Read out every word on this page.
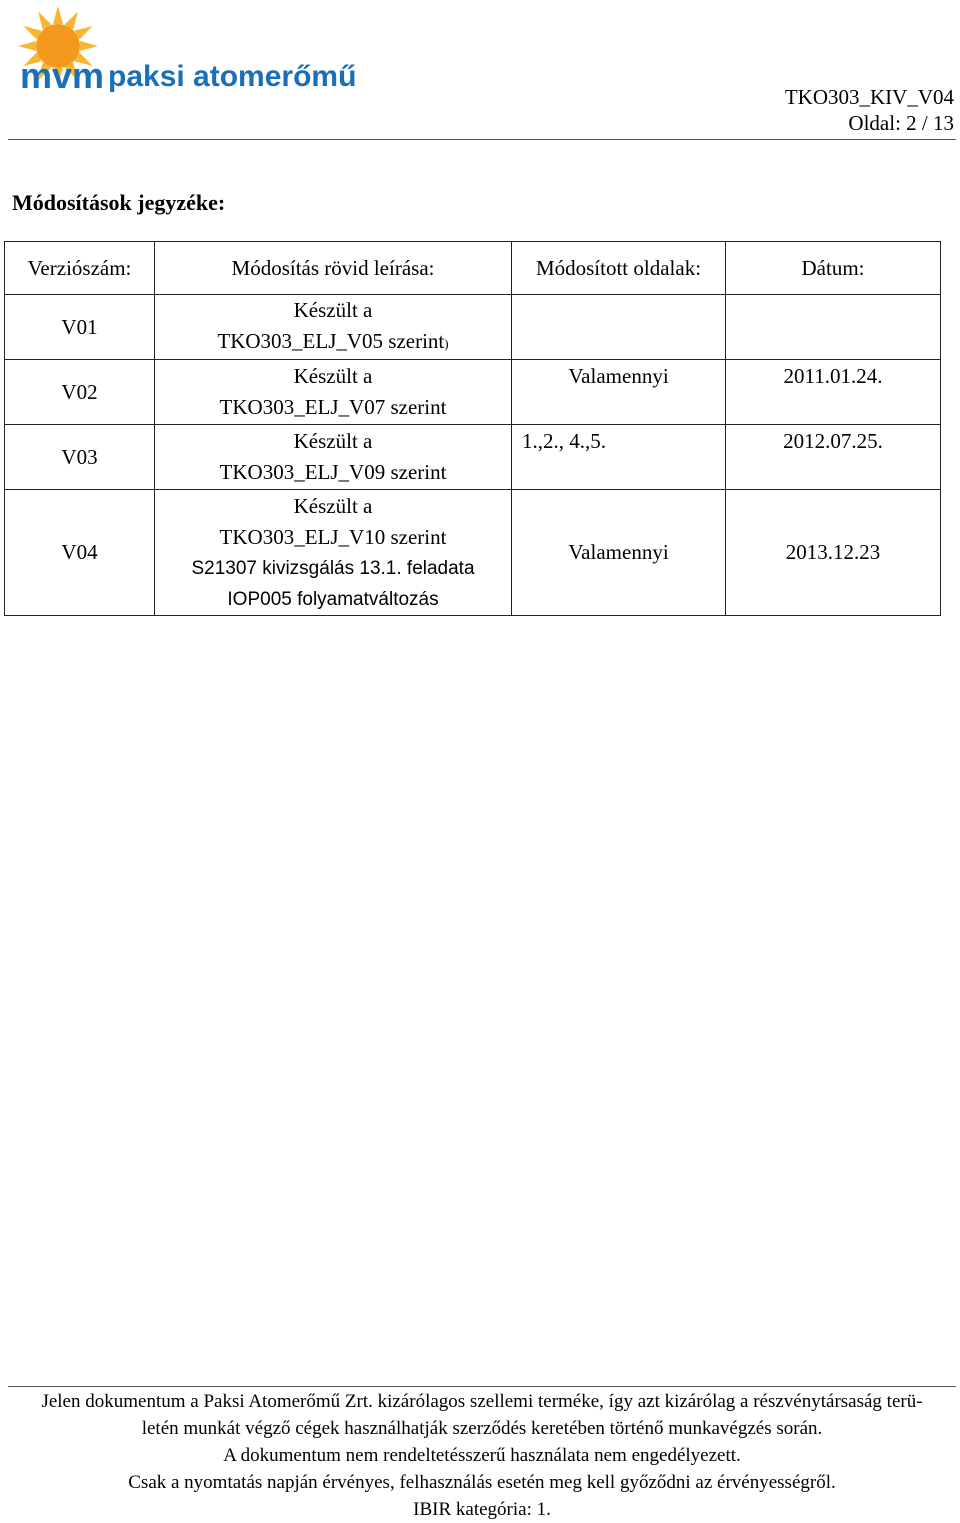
mvm paksi atomerőmű
TKO303_KIV_V04
Oldal: 2 / 13
Módosítások jegyzéke:
Verziószám:	Módosítás rövid leírása:	Módosított oldalak:	Dátum:
V01	Készült a
TKO303_ELJ_V05 szerint)		

V02	Készült a
TKO303_ELJ_V07 szerint	Valamennyi	2011.01.24.
V03	Készült a
TKO303_ELJ_V09 szerint	1.,2., 4.,5.	2012.07.25.
V04	Készült a
TKO303_ELJ_V10 szerint
S21307 kivizsgálás 13.1. feladata
IOP005 folyamatváltozás	Valamennyi	2013.12.23
Jelen dokumentum a Paksi Atomerőmű Zrt. kizárólagos szellemi terméke, így azt kizárólag a részvénytársaság terü-
letén munkát végző cégek használhatják szerződés keretében történő munkavégzés során.
A dokumentum nem rendeltetésszerű használata nem engedélyezett.
Csak a nyomtatás napján érvényes, felhasználás esetén meg kell győződni az érvényességről.
IBIR kategória: 1.
